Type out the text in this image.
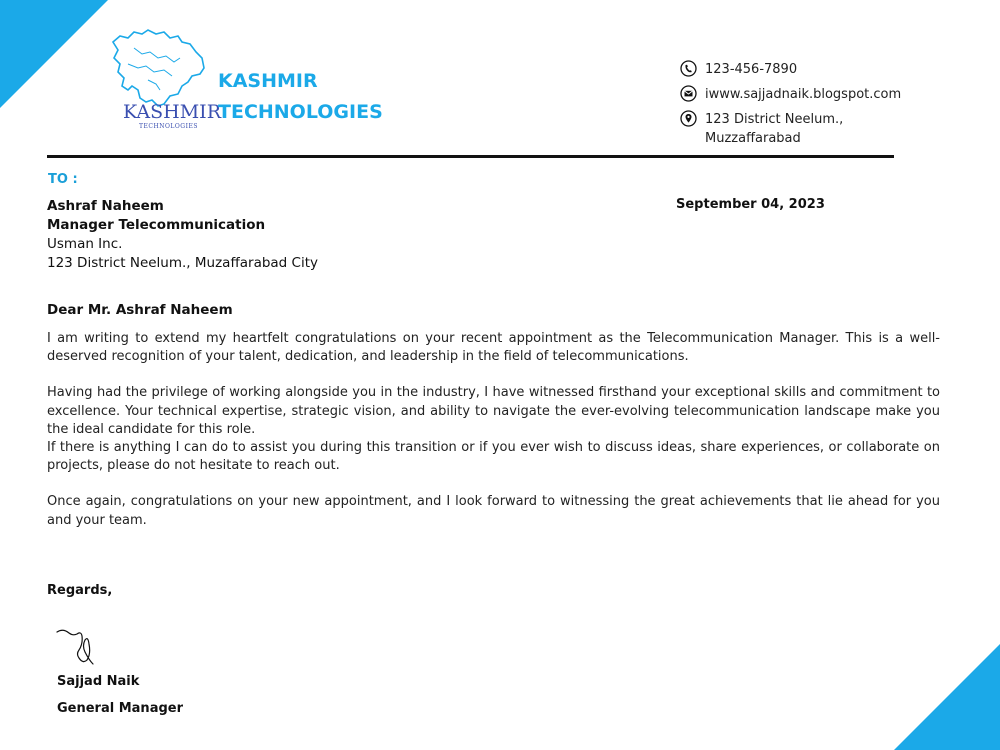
KASHMIR
TECHNOLOGIES
KASHMIR
TECHNOLOGIES
123-456-7890
iwww.sajjadnaik.blogspot.com
123 District Neelum.,
Muzzaffarabad
TO :
Ashraf Naheem
Manager Telecommunication
Usman Inc.
123 District Neelum., Muzaffarabad City
September 04, 2023
Dear Mr. Ashraf Naheem

I am writing to extend my heartfelt congratulations on your recent appointment as the Telecommunication Manager. This is a well-deserved recognition of your talent, dedication, and leadership in the field of telecommunications.

Having had the privilege of working alongside you in the industry, I have witnessed firsthand your exceptional skills and commitment to excellence. Your technical expertise, strategic vision, and ability to navigate the ever-evolving telecommunication landscape make you the ideal candidate for this role.

If there is anything I can do to assist you during this transition or if you ever wish to discuss ideas, share experiences, or collaborate on projects, please do not hesitate to reach out.

Once again, congratulations on your new appointment, and I look forward to witnessing the great achievements that lie ahead for you and your team.

Regards,
Sajjad Naik
General Manager
